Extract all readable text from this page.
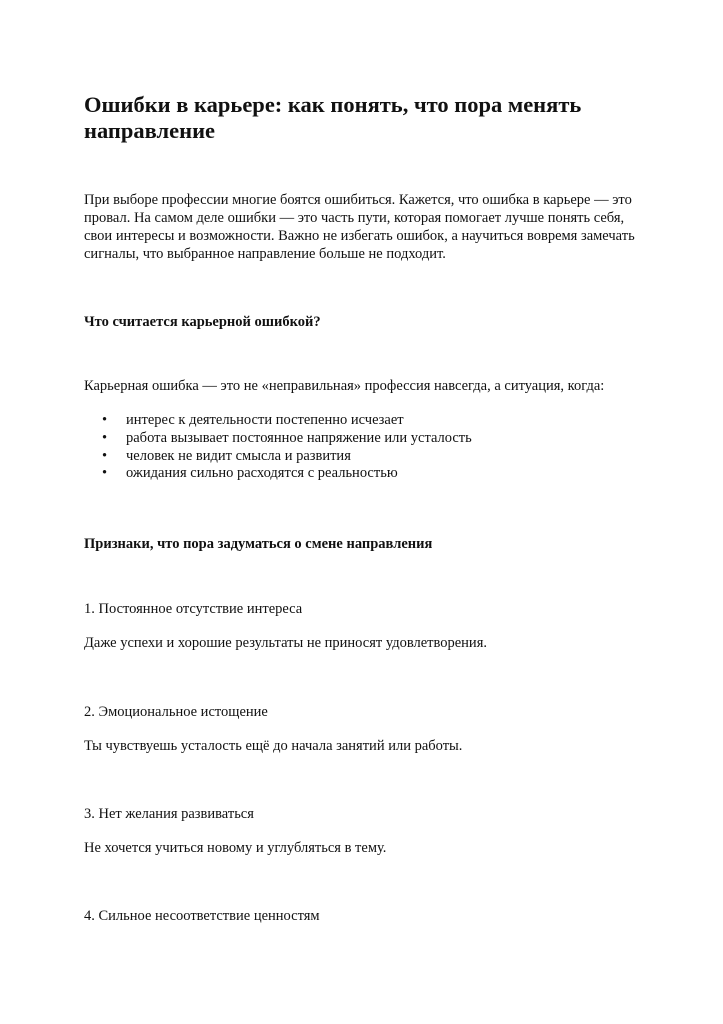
Ошибки в карьере: как понять, что пора менять направление

При выборе профессии многие боятся ошибиться. Кажется, что ошибка в карьере — это провал. На самом деле ошибки — это часть пути, которая помогает лучше понять себя, свои интересы и возможности. Важно не избегать ошибок, а научиться вовремя замечать сигналы, что выбранное направление больше не подходит.

Что считается карьерной ошибкой?

Карьерная ошибка — это не «неправильная» профессия навсегда, а ситуация, когда:

• интерес к деятельности постепенно исчезает
• работа вызывает постоянное напряжение или усталость
• человек не видит смысла и развития
• ожидания сильно расходятся с реальностью
Признаки, что пора задуматься о смене направления

1. Постоянное отсутствие интереса

Даже успехи и хорошие результаты не приносят удовлетворения.

2. Эмоциональное истощение

Ты чувствуешь усталость ещё до начала занятий или работы.

3. Нет желания развиваться

Не хочется учиться новому и углубляться в тему.

4. Сильное несоответствие ценностям
